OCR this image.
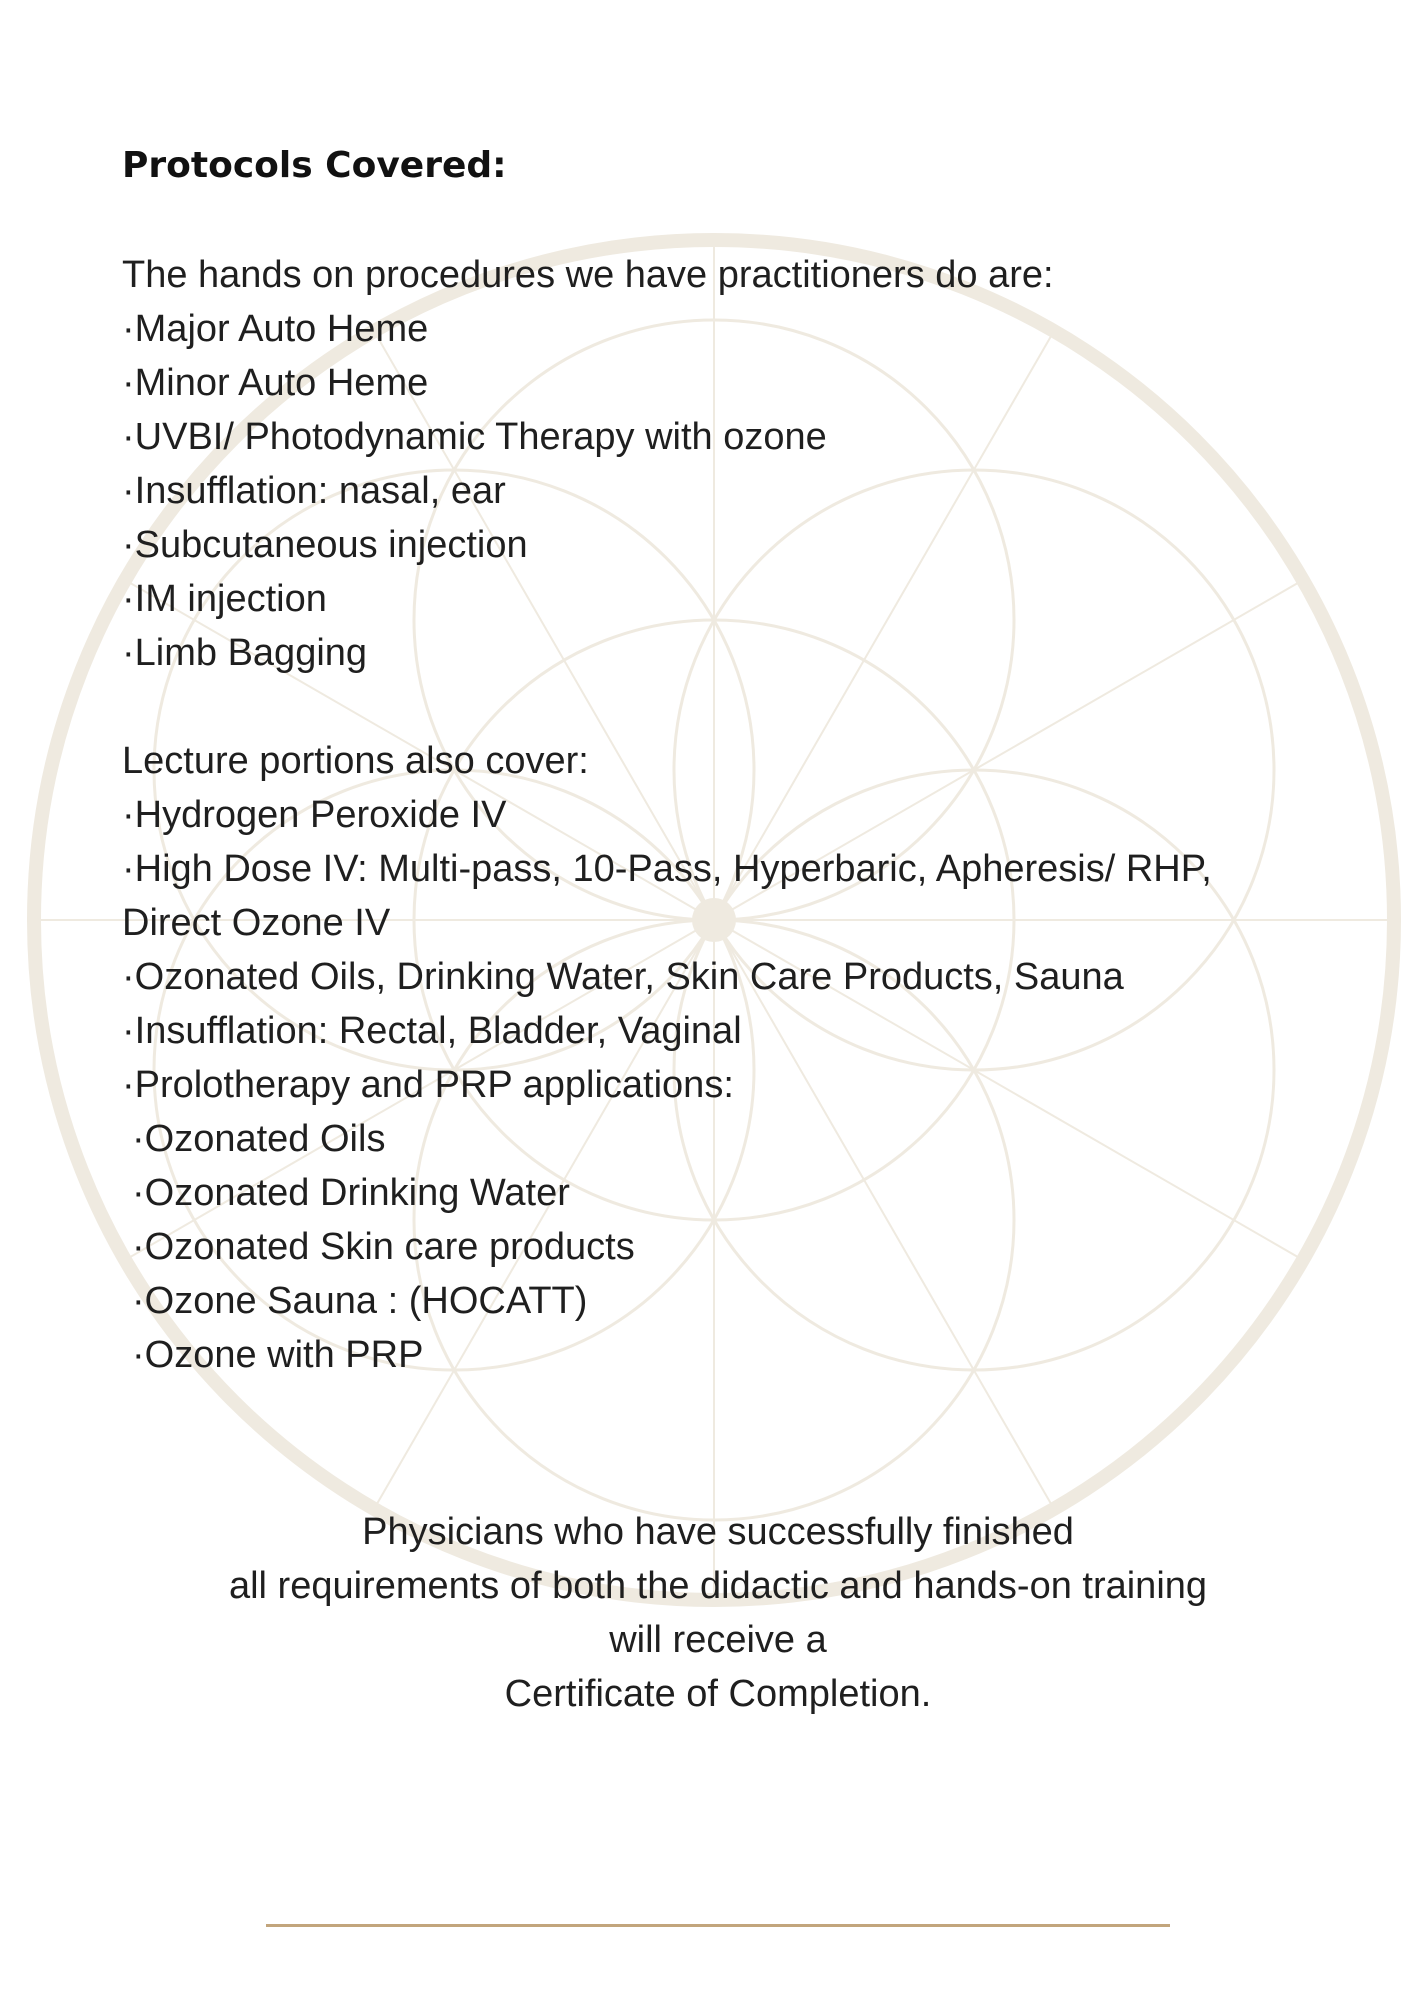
Protocols Covered:

The hands on procedures we have practitioners do are:

·Major Auto Heme

·Minor Auto Heme

·UVBI/ Photodynamic Therapy with ozone

·Insufflation: nasal, ear

·Subcutaneous injection

·IM injection

·Limb Bagging

Lecture portions also cover:

·Hydrogen Peroxide IV

·High Dose IV: Multi-pass, 10-Pass, Hyperbaric, Apheresis/ RHP,

Direct Ozone IV

·Ozonated Oils, Drinking Water, Skin Care Products, Sauna

·Insufflation: Rectal, Bladder, Vaginal

·Prolotherapy and PRP applications:

·Ozonated Oils

·Ozonated Drinking Water

·Ozonated Skin care products

·Ozone Sauna : (HOCATT)

·Ozone with PRP

Physicians who have successfully finished

all requirements of both the didactic and hands-on training

will receive a

Certificate of Completion.
